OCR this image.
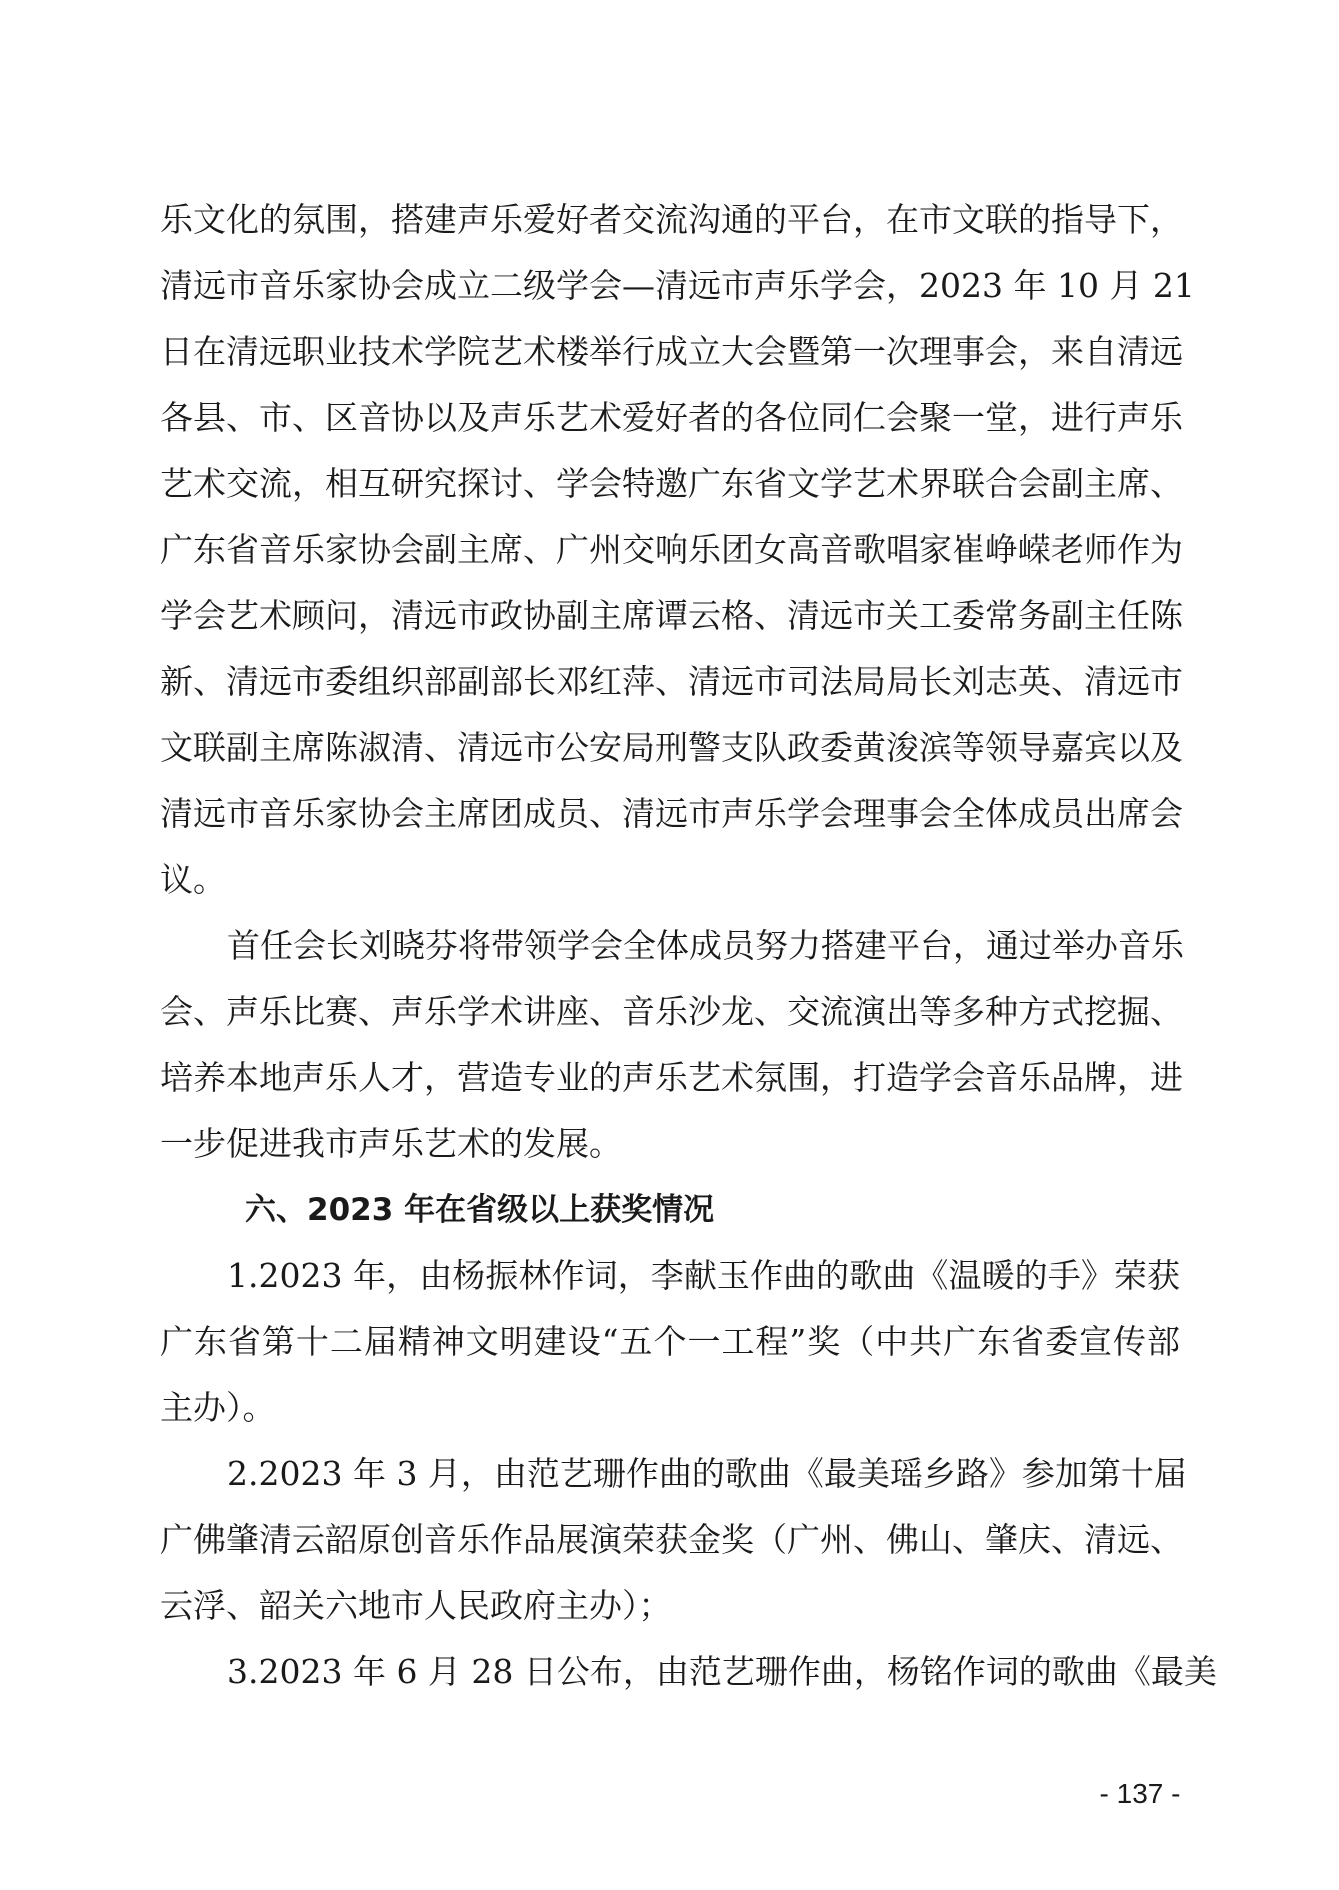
乐文化的氛围，搭建声乐爱好者交流沟通的平台，在市文联的指导下，
清远市音乐家协会成立二级学会—清远市声乐学会，2023 年 10 月 21
日在清远职业技术学院艺术楼举行成立大会暨第一次理事会，来自清远
各县、市、区音协以及声乐艺术爱好者的各位同仁会聚一堂，进行声乐
艺术交流，相互研究探讨、学会特邀广东省文学艺术界联合会副主席、
广东省音乐家协会副主席、广州交响乐团女高音歌唱家崔峥嵘老师作为
学会艺术顾问，清远市政协副主席谭云格、清远市关工委常务副主任陈
新、清远市委组织部副部长邓红萍、清远市司法局局长刘志英、清远市
文联副主席陈淑清、清远市公安局刑警支队政委黄浚滨等领导嘉宾以及
清远市音乐家协会主席团成员、清远市声乐学会理事会全体成员出席会
议。
首任会长刘晓芬将带领学会全体成员努力搭建平台，通过举办音乐
会、声乐比赛、声乐学术讲座、音乐沙龙、交流演出等多种方式挖掘、
培养本地声乐人才，营造专业的声乐艺术氛围，打造学会音乐品牌，进
一步促进我市声乐艺术的发展。
六、2023 年在省级以上获奖情况
1.2023 年，由杨振林作词，李献玉作曲的歌曲《温暖的手》荣获
广东省第十二届精神文明建设“五个一工程”奖（中共广东省委宣传部
主办）。
2.2023 年 3 月，由范艺珊作曲的歌曲《最美瑶乡路》参加第十届
广佛肇清云韶原创音乐作品展演荣获金奖（广州、佛山、肇庆、清远、
云浮、韶关六地市人民政府主办）；
3.2023 年 6 月 28 日公布，由范艺珊作曲，杨铭作词的歌曲《最美
- 137 -
